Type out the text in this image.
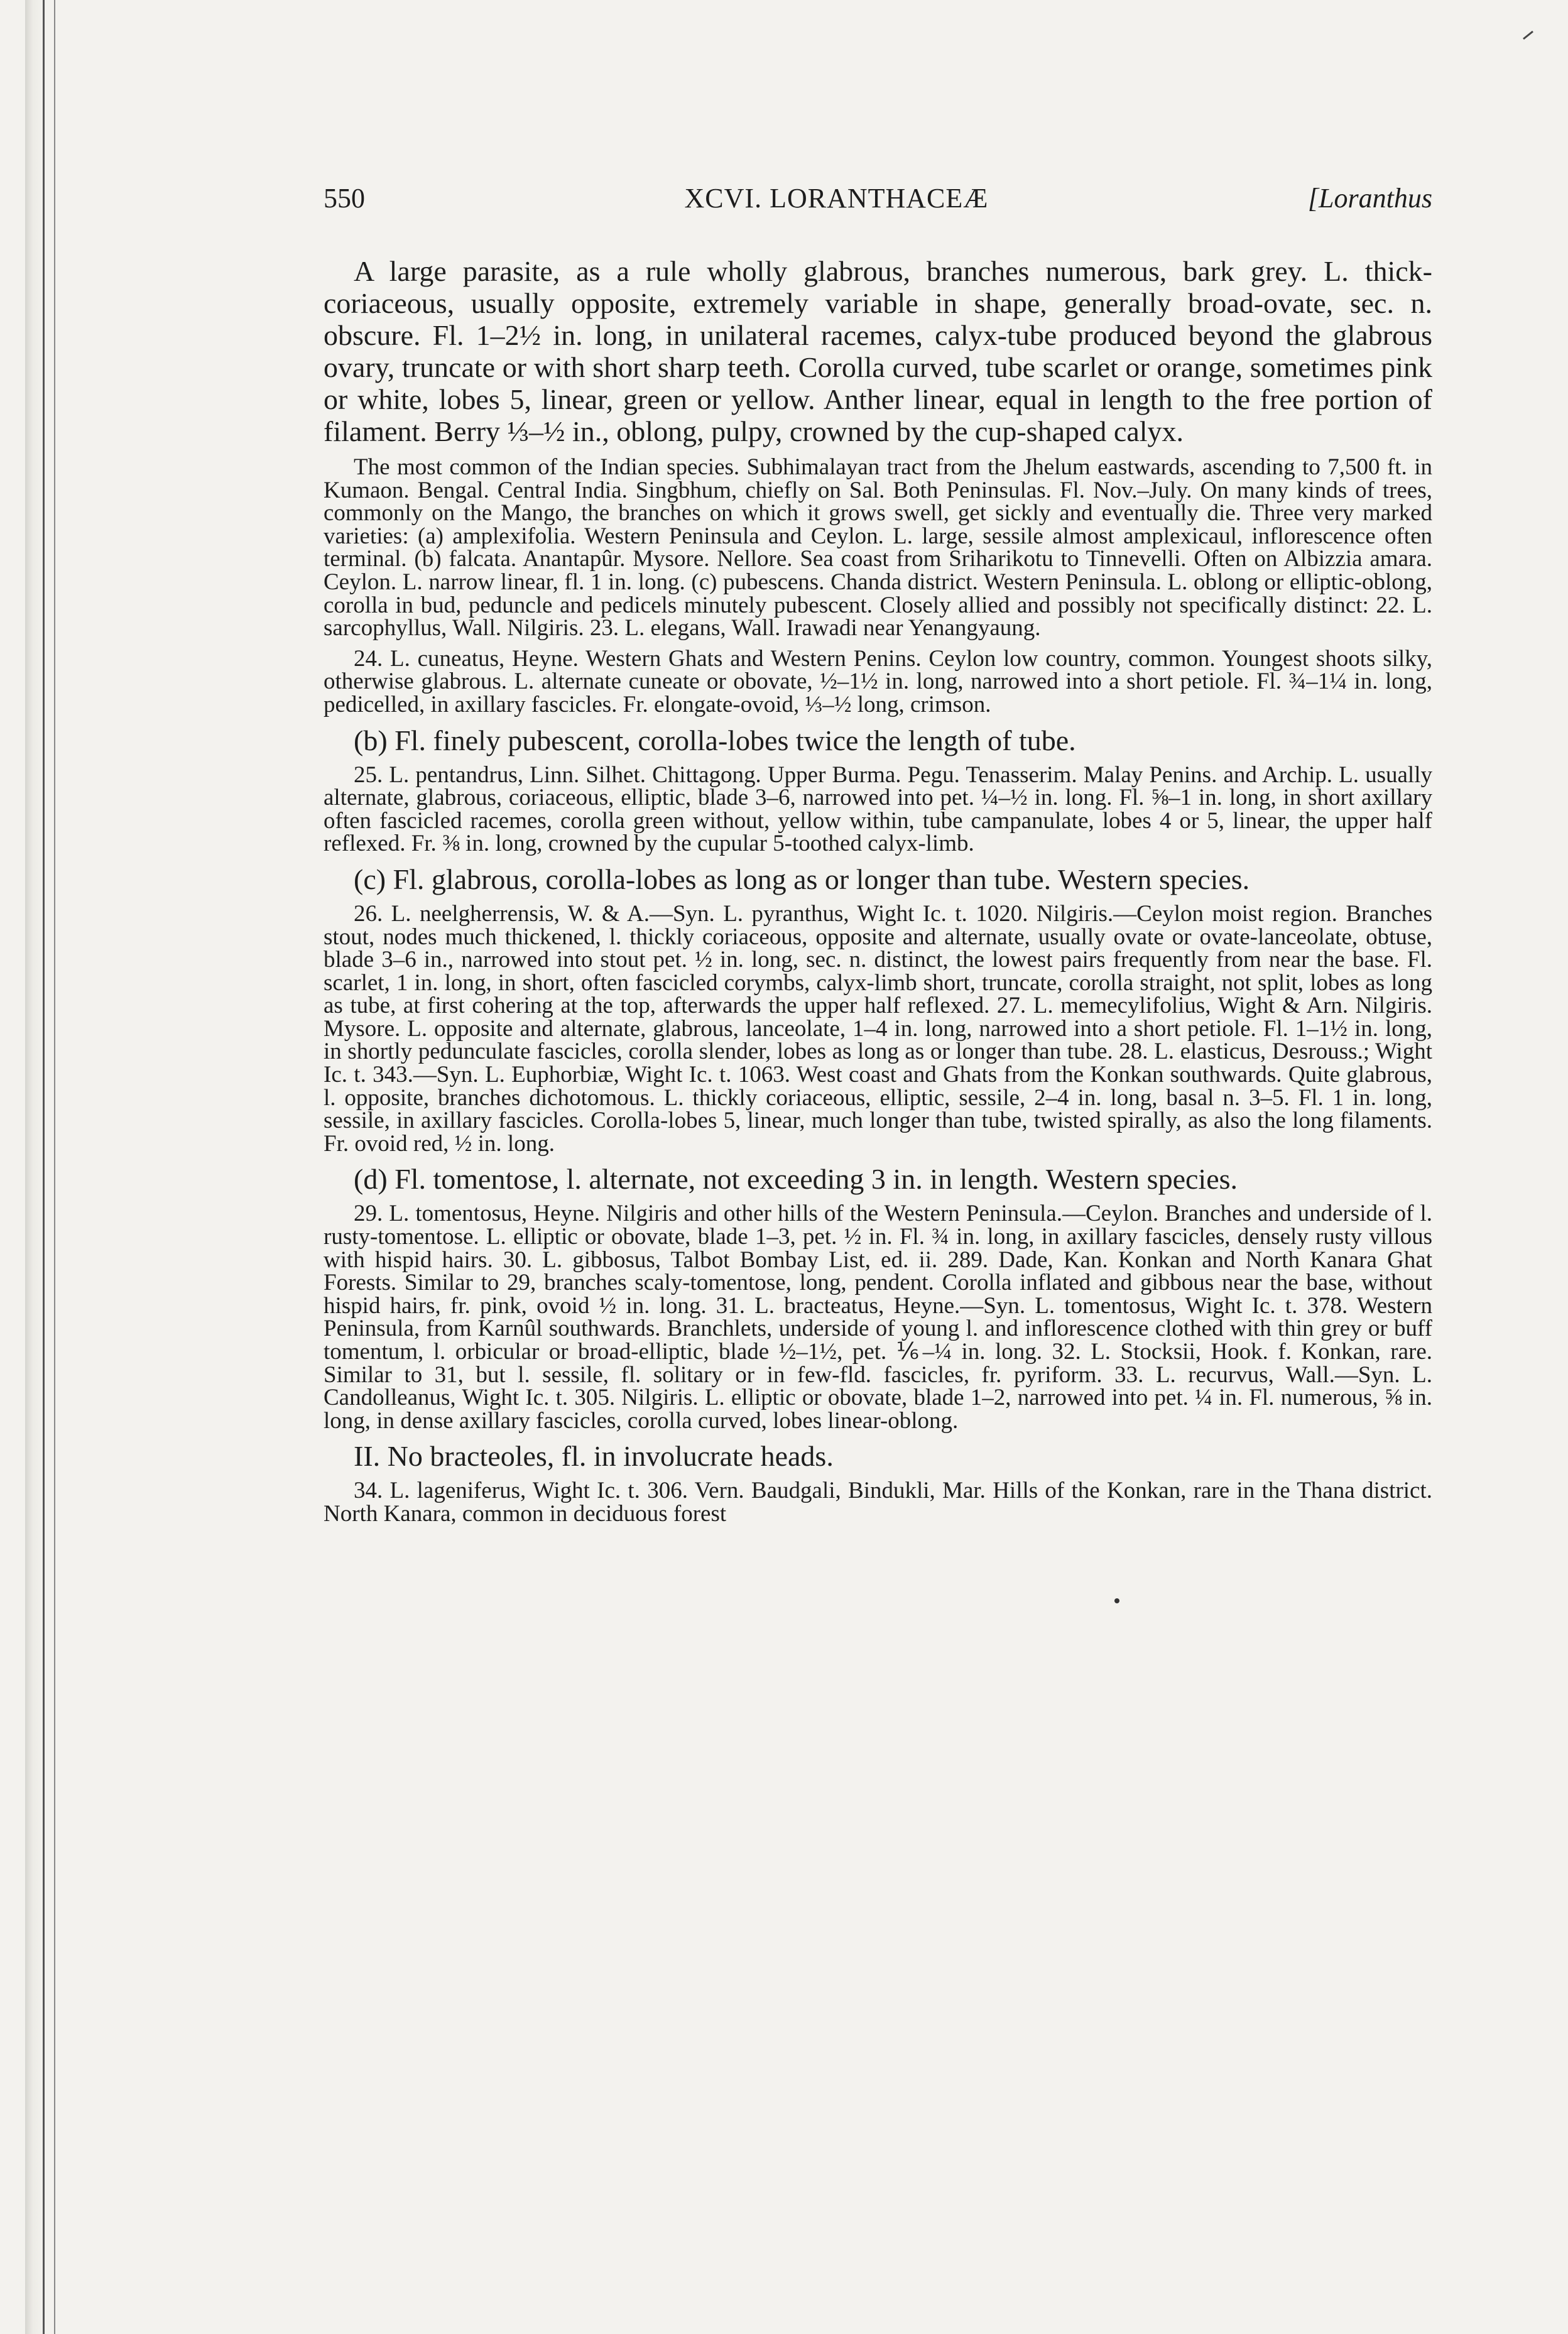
550	XCVI. LORANTHACEÆ	[Loranthus

A large parasite, as a rule wholly glabrous, branches numerous, bark grey. L. thick-coriaceous, usually opposite, extremely variable in shape, generally broad-ovate, sec. n. obscure. Fl. 1–2½ in. long, in unilateral racemes, calyx-tube produced beyond the glabrous ovary, truncate or with short sharp teeth. Corolla curved, tube scarlet or orange, sometimes pink or white, lobes 5, linear, green or yellow. Anther linear, equal in length to the free portion of filament. Berry ⅓–½ in., oblong, pulpy, crowned by the cup-shaped calyx.

The most common of the Indian species. Subhimalayan tract from the Jhelum eastwards, ascending to 7,500 ft. in Kumaon. Bengal. Central India. Singbhum, chiefly on Sal. Both Peninsulas. Fl. Nov.–July. On many kinds of trees, commonly on the Mango, the branches on which it grows swell, get sickly and eventually die. Three very marked varieties: (a) amplexifolia. Western Peninsula and Ceylon. L. large, sessile almost amplexicaul, inflorescence often terminal. (b) falcata. Anantapûr. Mysore. Nellore. Sea coast from Sriharikotu to Tinnevelli. Often on Albizzia amara. Ceylon. L. narrow linear, fl. 1 in. long. (c) pubescens. Chanda district. Western Peninsula. L. oblong or elliptic-oblong, corolla in bud, peduncle and pedicels minutely pubescent. Closely allied and possibly not specifically distinct: 22. L. sarcophyllus, Wall. Nilgiris. 23. L. elegans, Wall. Irawadi near Yenangyaung.

24. L. cuneatus, Heyne. Western Ghats and Western Penins. Ceylon low country, common. Youngest shoots silky, otherwise glabrous. L. alternate cuneate or obovate, ½–1½ in. long, narrowed into a short petiole. Fl. ¾–1¼ in. long, pedicelled, in axillary fascicles. Fr. elongate-ovoid, ⅓–½ long, crimson.

(b) Fl. finely pubescent, corolla-lobes twice the length of tube.

25. L. pentandrus, Linn. Silhet. Chittagong. Upper Burma. Pegu. Tenasserim. Malay Penins. and Archip. L. usually alternate, glabrous, coriaceous, elliptic, blade 3–6, narrowed into pet. ¼–½ in. long. Fl. ⅝–1 in. long, in short axillary often fascicled racemes, corolla green without, yellow within, tube campanulate, lobes 4 or 5, linear, the upper half reflexed. Fr. ⅜ in. long, crowned by the cupular 5-toothed calyx-limb.

(c) Fl. glabrous, corolla-lobes as long as or longer than tube. Western species.

26. L. neelgherrensis, W. & A.—Syn. L. pyranthus, Wight Ic. t. 1020. Nilgiris.—Ceylon moist region. Branches stout, nodes much thickened, l. thickly coriaceous, opposite and alternate, usually ovate or ovate-lanceolate, obtuse, blade 3–6 in., narrowed into stout pet. ½ in. long, sec. n. distinct, the lowest pairs frequently from near the base. Fl. scarlet, 1 in. long, in short, often fascicled corymbs, calyx-limb short, truncate, corolla straight, not split, lobes as long as tube, at first cohering at the top, afterwards the upper half reflexed. 27. L. memecylifolius, Wight & Arn. Nilgiris. Mysore. L. opposite and alternate, glabrous, lanceolate, 1–4 in. long, narrowed into a short petiole. Fl. 1–1½ in. long, in shortly pedunculate fascicles, corolla slender, lobes as long as or longer than tube. 28. L. elasticus, Desrouss.; Wight Ic. t. 343.—Syn. L. Euphorbiæ, Wight Ic. t. 1063. West coast and Ghats from the Konkan southwards. Quite glabrous, l. opposite, branches dichotomous. L. thickly coriaceous, elliptic, sessile, 2–4 in. long, basal n. 3–5. Fl. 1 in. long, sessile, in axillary fascicles. Corolla-lobes 5, linear, much longer than tube, twisted spirally, as also the long filaments. Fr. ovoid red, ½ in. long.

(d) Fl. tomentose, l. alternate, not exceeding 3 in. in length. Western species.

29. L. tomentosus, Heyne. Nilgiris and other hills of the Western Peninsula.—Ceylon. Branches and underside of l. rusty-tomentose. L. elliptic or obovate, blade 1–3, pet. ½ in. Fl. ¾ in. long, in axillary fascicles, densely rusty villous with hispid hairs. 30. L. gibbosus, Talbot Bombay List, ed. ii. 289. Dade, Kan. Konkan and North Kanara Ghat Forests. Similar to 29, branches scaly-tomentose, long, pendent. Corolla inflated and gibbous near the base, without hispid hairs, fr. pink, ovoid ½ in. long. 31. L. bracteatus, Heyne.—Syn. L. tomentosus, Wight Ic. t. 378. Western Peninsula, from Karnûl southwards. Branchlets, underside of young l. and inflorescence clothed with thin grey or buff tomentum, l. orbicular or broad-elliptic, blade ½–1½, pet. ⅙–¼ in. long. 32. L. Stocksii, Hook. f. Konkan, rare. Similar to 31, but l. sessile, fl. solitary or in few-fld. fascicles, fr. pyriform. 33. L. recurvus, Wall.—Syn. L. Candolleanus, Wight Ic. t. 305. Nilgiris. L. elliptic or obovate, blade 1–2, narrowed into pet. ¼ in. Fl. numerous, ⅝ in. long, in dense axillary fascicles, corolla curved, lobes linear-oblong.

II. No bracteoles, fl. in involucrate heads.

34. L. lageniferus, Wight Ic. t. 306. Vern. Baudgali, Bindukli, Mar. Hills of the Konkan, rare in the Thana district. North Kanara, common in deciduous forest
